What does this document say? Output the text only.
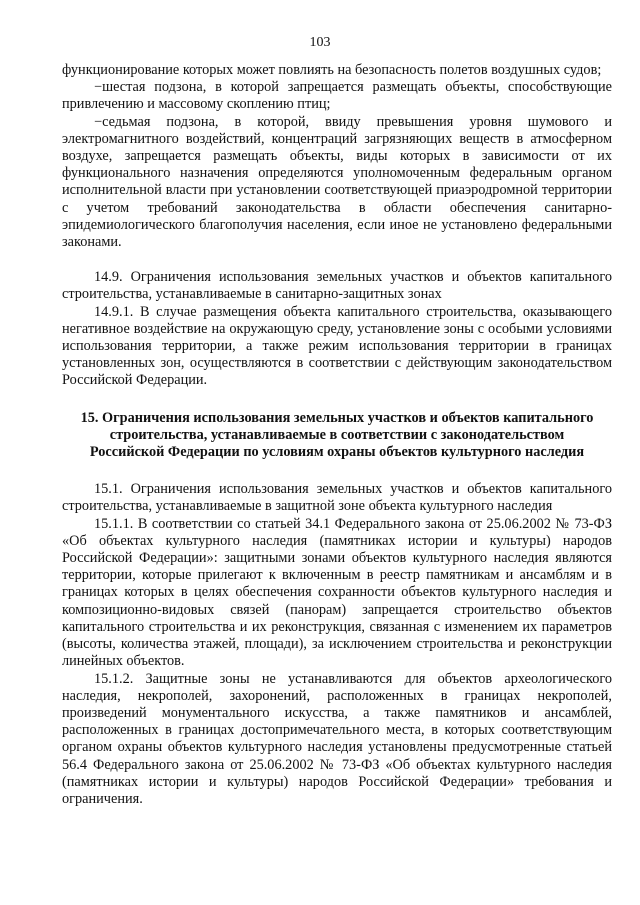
103

функционирование которых может повлиять на безопасность полетов воздушных судов;

−шестая подзона, в которой запрещается размещать объекты, способствующие привлечению и массовому скоплению птиц;

−седьмая подзона, в которой, ввиду превышения уровня шумового и электромагнитного воздействий, концентраций загрязняющих веществ в атмосферном воздухе, запрещается размещать объекты, виды которых в зависимости от их функционального назначения определяются уполномоченным федеральным органом исполнительной власти при установлении соответствующей приаэродромной территории с учетом требований законодательства в области обеспечения санитарно-эпидемиологического благополучия населения, если иное не установлено федеральными законами.

14.9. Ограничения использования земельных участков и объектов капитального строительства, устанавливаемые в санитарно-защитных зонах

14.9.1. В случае размещения объекта капитального строительства, оказывающего негативное воздействие на окружающую среду, установление зоны с особыми условиями использования территории, а также режим использования территории в границах установленных зон, осуществляются в соответствии с действующим законодательством Российской Федерации.

15. Ограничения использования земельных участков и объектов капитального
строительства, устанавливаемые в соответствии с законодательством
Российской Федерации по условиям охраны объектов культурного наследия

15.1. Ограничения использования земельных участков и объектов капитального строительства, устанавливаемые в защитной зоне объекта культурного наследия

15.1.1. В соответствии со статьей 34.1 Федерального закона от 25.06.2002 № 73-ФЗ «Об объектах культурного наследия (памятниках истории и культуры) народов Российской Федерации»: защитными зонами объектов культурного наследия являются территории, которые прилегают к включенным в реестр памятникам и ансамблям и в границах которых в целях обеспечения сохранности объектов культурного наследия и композиционно-видовых связей (панорам) запрещается строительство объектов капитального строительства и их реконструкция, связанная с изменением их параметров (высоты, количества этажей, площади), за исключением строительства и реконструкции линейных объектов.

15.1.2. Защитные зоны не устанавливаются для объектов археологического наследия, некрополей, захоронений, расположенных в границах некрополей, произведений монументального искусства, а также памятников и ансамблей, расположенных в границах достопримечательного места, в которых соответствующим органом охраны объектов культурного наследия установлены предусмотренные статьей 56.4 Федерального закона от 25.06.2002 № 73-ФЗ «Об объектах культурного наследия (памятниках истории и культуры) народов Российской Федерации» требования и ограничения.
